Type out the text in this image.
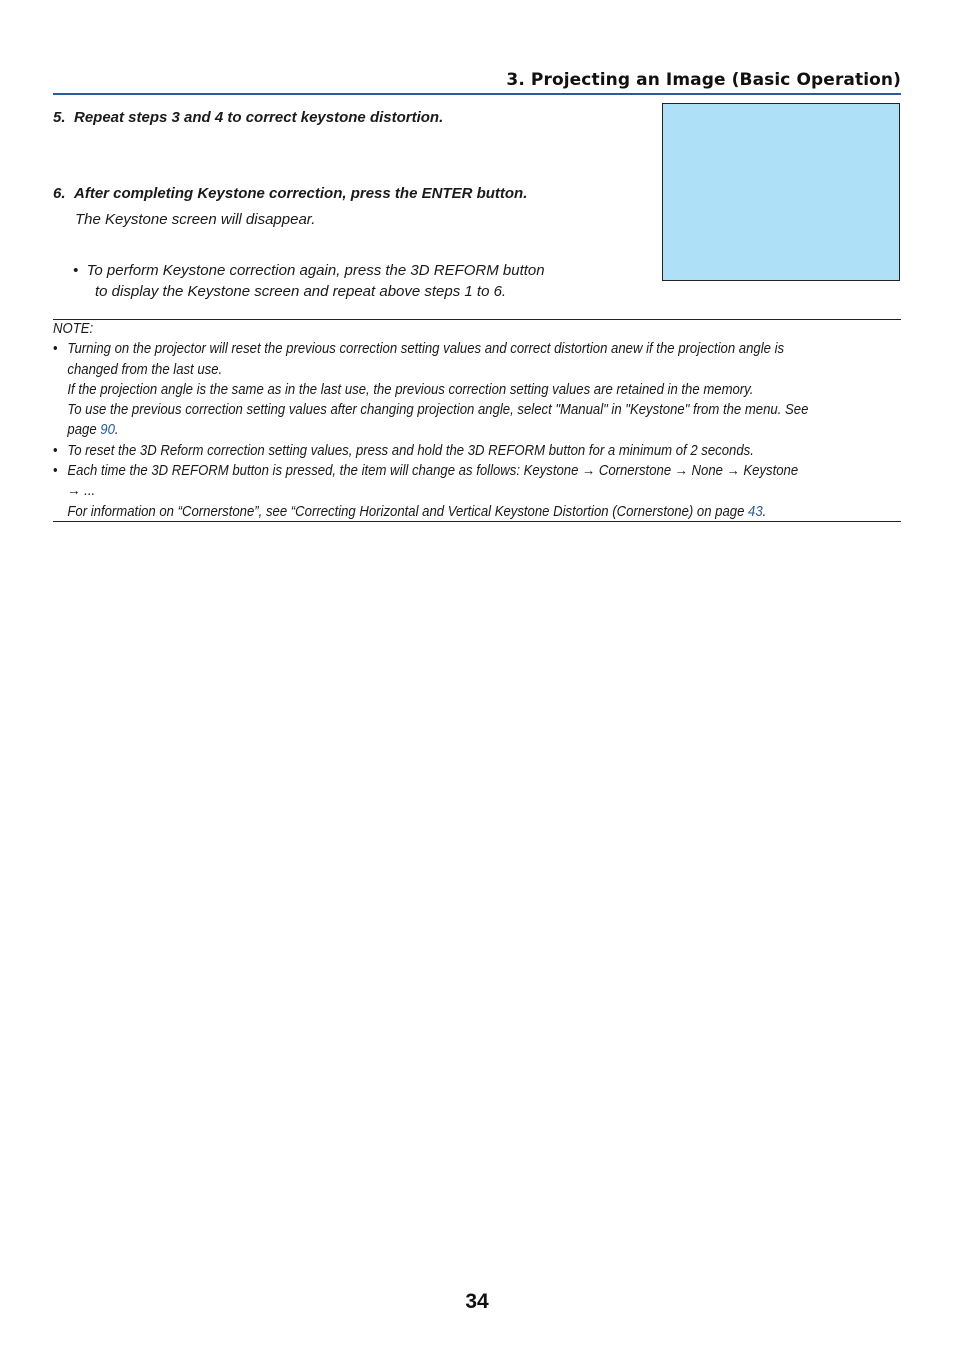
3. Projecting an Image (Basic Operation)
5. Repeat steps 3 and 4 to correct keystone distortion.
6. After completing Keystone correction, press the ENTER button.
The Keystone screen will disappear.
• To perform Keystone correction again, press the 3D REFORM button
to display the Keystone screen and repeat above steps 1 to 6.
NOTE:
• Turning on the projector will reset the previous correction setting values and correct distortion anew if the projection angle is
changed from the last use.
If the projection angle is the same as in the last use, the previous correction setting values are retained in the memory.
To use the previous correction setting values after changing projection angle, select "Manual" in "Keystone" from the menu. See
page 90.
• To reset the 3D Reform correction setting values, press and hold the 3D REFORM button for a minimum of 2 seconds.
• Each time the 3D REFORM button is pressed, the item will change as follows: Keystone → Cornerstone → None → Keystone
→ ...
For information on “Cornerstone”, see “Correcting Horizontal and Vertical Keystone Distortion (Cornerstone) on page 43.
34
